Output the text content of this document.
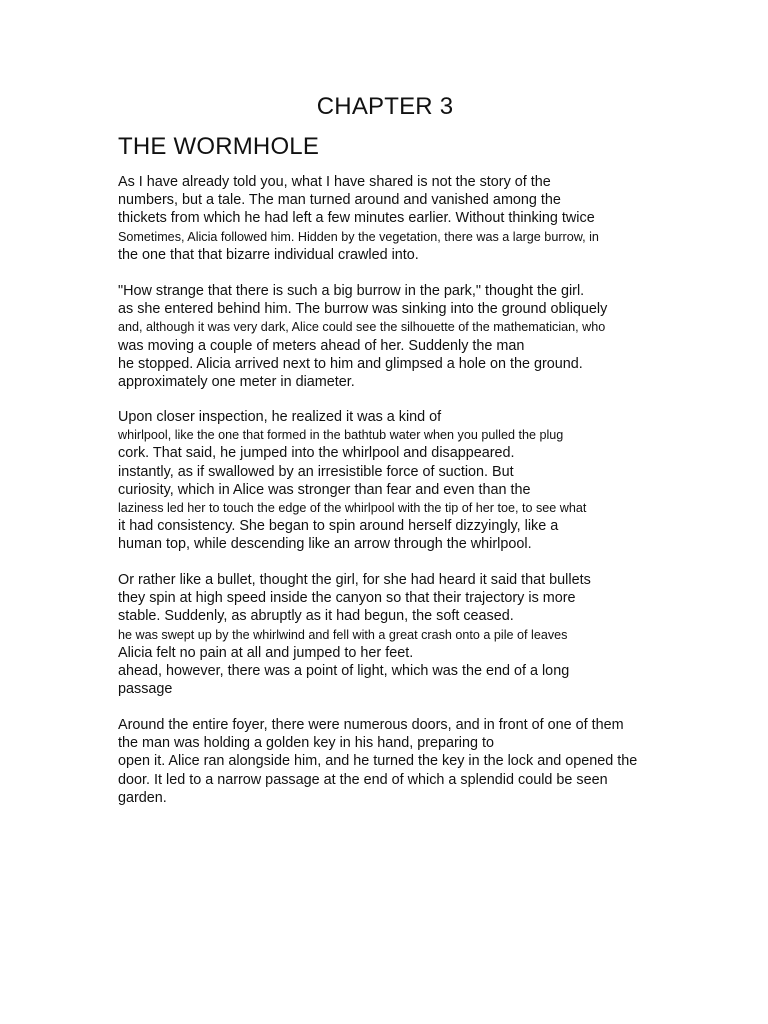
CHAPTER 3
THE WORMHOLE
As I have already told you, what I have shared is not the story of the
numbers, but a tale. The man turned around and vanished among the
thickets from which he had left a few minutes earlier. Without thinking twice
Sometimes, Alicia followed him. Hidden by the vegetation, there was a large burrow, in
the one that that bizarre individual crawled into.
"How strange that there is such a big burrow in the park," thought the girl.
as she entered behind him. The burrow was sinking into the ground obliquely
and, although it was very dark, Alice could see the silhouette of the mathematician, who
was moving a couple of meters ahead of her. Suddenly the man
he stopped. Alicia arrived next to him and glimpsed a hole on the ground.
approximately one meter in diameter.
Upon closer inspection, he realized it was a kind of
whirlpool, like the one that formed in the bathtub water when you pulled the plug
cork. That said, he jumped into the whirlpool and disappeared.
instantly, as if swallowed by an irresistible force of suction. But
curiosity, which in Alice was stronger than fear and even than the
laziness led her to touch the edge of the whirlpool with the tip of her toe, to see what
it had consistency. She began to spin around herself dizzyingly, like a
human top, while descending like an arrow through the whirlpool.
Or rather like a bullet, thought the girl, for she had heard it said that bullets
they spin at high speed inside the canyon so that their trajectory is more
stable. Suddenly, as abruptly as it had begun, the soft ceased.
he was swept up by the whirlwind and fell with a great crash onto a pile of leaves
Alicia felt no pain at all and jumped to her feet.
ahead, however, there was a point of light, which was the end of a long
passage
Around the entire foyer, there were numerous doors, and in front of one of them
the man was holding a golden key in his hand, preparing to
open it. Alice ran alongside him, and he turned the key in the lock and opened the
door. It led to a narrow passage at the end of which a splendid could be seen
garden.
